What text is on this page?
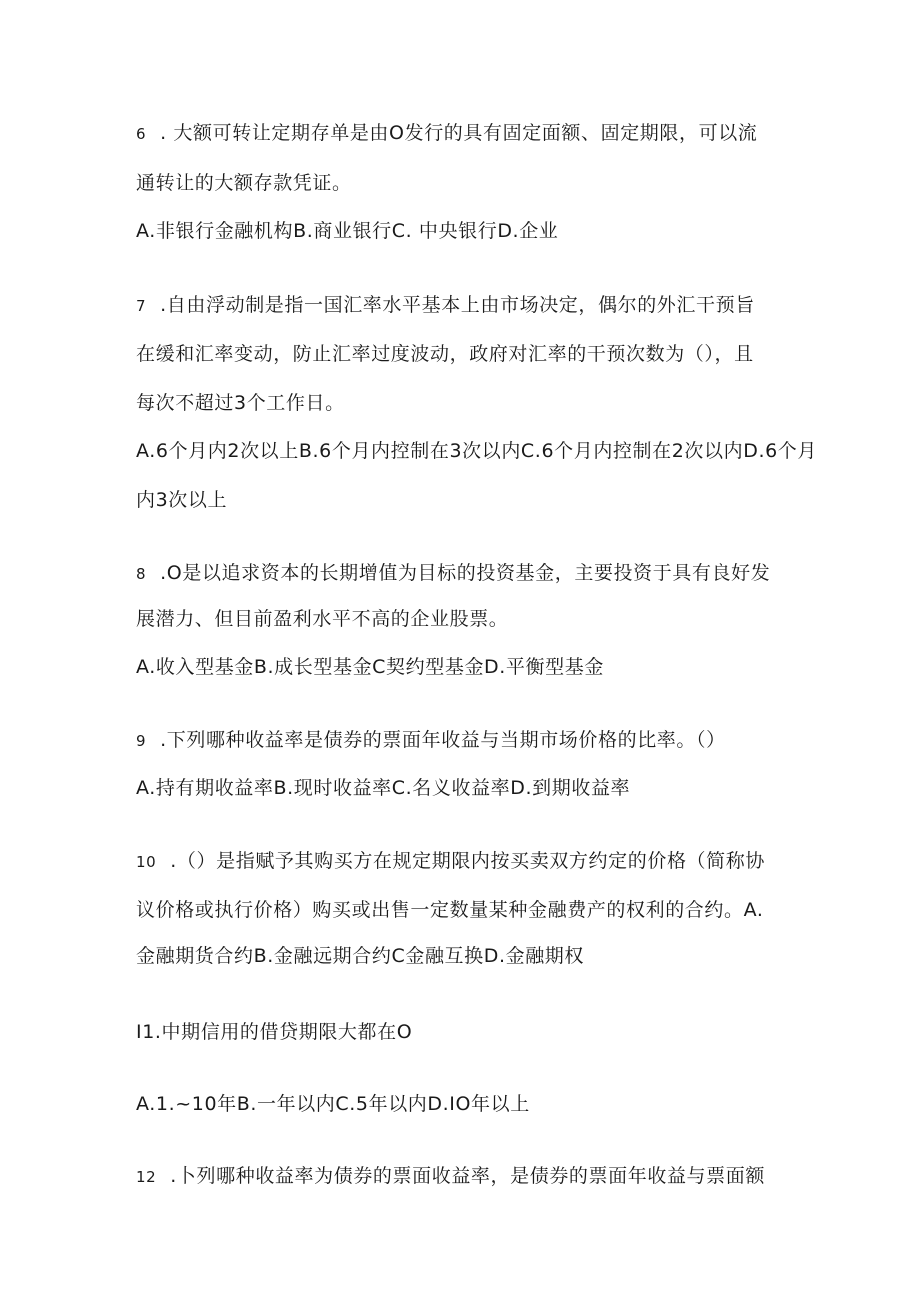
6 . 大额可转让定期存单是由O发行的具有固定面额、固定期限，可以流
通转让的大额存款凭证。
A.非银行金融机构B.商业银行C. 中央银行D.企业
7 .自由浮动制是指一国汇率水平基本上由市场决定，偶尔的外汇干预旨
在缓和汇率变动，防止汇率过度波动，政府对汇率的干预次数为（），且
每次不超过3个工作日。
A.6个月内2次以上B.6个月内控制在3次以内C.6个月内控制在2次以内D.6个月
内3次以上
8 .O是以追求资本的长期增值为目标的投资基金，主要投资于具有良好发
展潜力、但目前盈利水平不高的企业股票。
A.收入型基金B.成长型基金C契约型基金D.平衡型基金
9 .下列哪种收益率是债券的票面年收益与当期市场价格的比率。（）
A.持有期收益率B.现时收益率C.名义收益率D.到期收益率
10 .（）是指赋予其购买方在规定期限内按买卖双方约定的价格（简称协
议价格或执行价格）购买或出售一定数量某种金融费产的权利的合约。A.
金融期货合约B.金融远期合约C金融互换D.金融期权
I1.中期信用的借贷期限大都在O
A.1.~10年B.一年以内C.5年以内D.IO年以上
12 .卜列哪种收益率为债券的票面收益率，是债券的票面年收益与票面额
